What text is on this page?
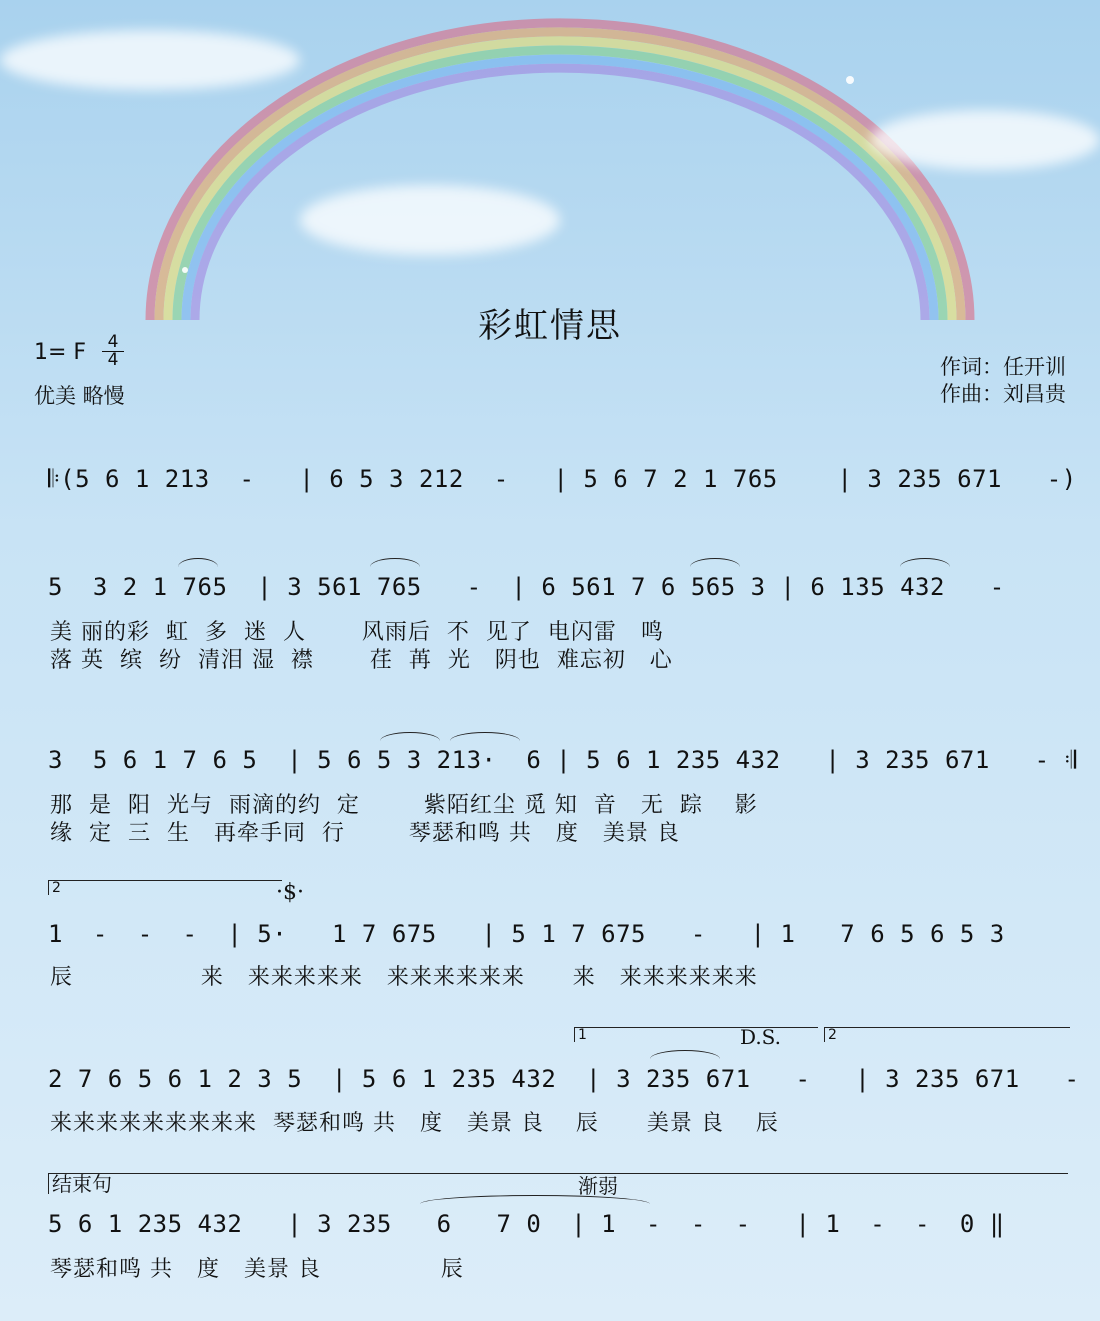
彩虹情思
1= F $\frac{4}{4}$
优美 略慢
作词：任开训
作曲：刘昌贵
𝄆(5 6 1 213  -   | 6 5 3 212  -   | 5 6 7 2 1 765    | 3 235 671   -)
5  3 2 1 765  | 3 561 765   -  | 6 561 7 6 565 3 | 6 135 432   -
美 丽的彩  虹  多  迷  人       风雨后  不  见了  电闪雷   鸣
落 英  缤  纷  清泪 湿  襟       荏  苒  光   阴也  难忘初   心
3  5 6 1 7 6 5  | 5 6 5 3 213·  6 | 5 6 1 235 432   | 3 235 671   - 𝄇
那  是  阳  光与  雨滴的约  定        紫陌红尘 觅 知  音   无  踪    影
缘  定  三  生   再牵手同  行        琴瑟和鸣 共   度   美景 良
2	·$·
1  -  -  -  | 5·   1 7 675   | 5 1 7 675   -   | 1   7 6 5 6 5 3
辰                来   来来来来来   来来来来来来      来   来来来来来来
1	D.S.	2
2 7 6 5 6 1 2 3 5  | 5 6 1 235 432  | 3 235 671   -   | 3 235 671   -
来来来来来来来来来  琴瑟和鸣 共   度   美景 良    辰      美景 良    辰
结束句	渐弱
5 6 1 235 432   | 3 235   6   7 0  | 1  -  -  -   | 1  -  -  0 ‖
琴瑟和鸣 共   度   美景 良               辰
